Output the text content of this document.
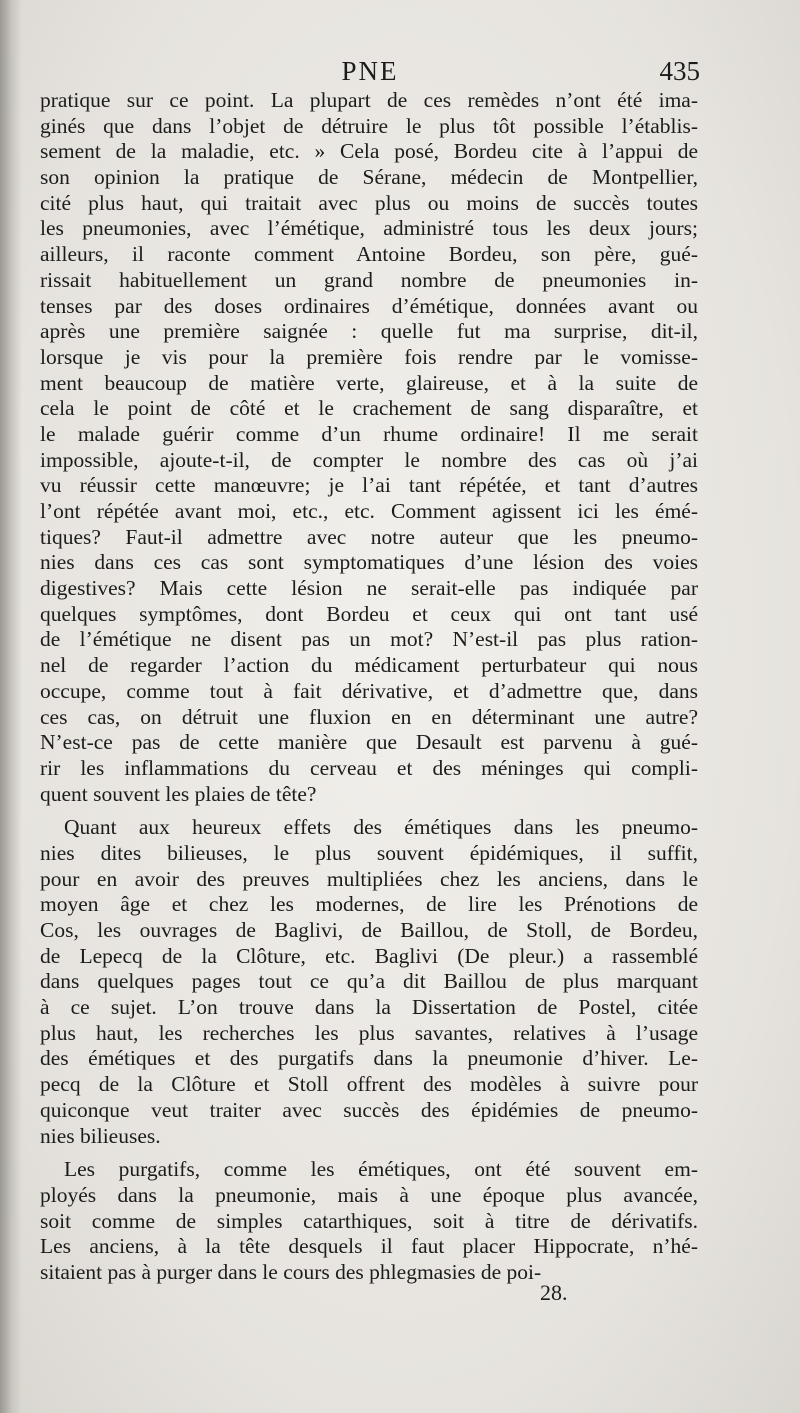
PNE	435
pratique sur ce point. La plupart de ces remèdes n’ont été ima-
ginés que dans l’objet de détruire le plus tôt possible l’établis-
sement de la maladie, etc. » Cela posé, Bordeu cite à l’appui de
son opinion la pratique de Sérane, médecin de Montpellier,
cité plus haut, qui traitait avec plus ou moins de succès toutes
les pneumonies, avec l’émétique, administré tous les deux jours;
ailleurs, il raconte comment Antoine Bordeu, son père, gué-
rissait habituellement un grand nombre de pneumonies in-
tenses par des doses ordinaires d’émétique, données avant ou
après une première saignée : quelle fut ma surprise, dit-il,
lorsque je vis pour la première fois rendre par le vomisse-
ment beaucoup de matière verte, glaireuse, et à la suite de
cela le point de côté et le crachement de sang disparaître, et
le malade guérir comme d’un rhume ordinaire! Il me serait
impossible, ajoute-t-il, de compter le nombre des cas où j’ai
vu réussir cette manœuvre; je l’ai tant répétée, et tant d’autres
l’ont répétée avant moi, etc., etc. Comment agissent ici les émé-
tiques? Faut-il admettre avec notre auteur que les pneumo-
nies dans ces cas sont symptomatiques d’une lésion des voies
digestives? Mais cette lésion ne serait-elle pas indiquée par
quelques symptômes, dont Bordeu et ceux qui ont tant usé
de l’émétique ne disent pas un mot? N’est-il pas plus ration-
nel de regarder l’action du médicament perturbateur qui nous
occupe, comme tout à fait dérivative, et d’admettre que, dans
ces cas, on détruit une fluxion en en déterminant une autre?
N’est-ce pas de cette manière que Desault est parvenu à gué-
rir les inflammations du cerveau et des méninges qui compli-
quent souvent les plaies de tête?
Quant aux heureux effets des émétiques dans les pneumo-
nies dites bilieuses, le plus souvent épidémiques, il suffit,
pour en avoir des preuves multipliées chez les anciens, dans le
moyen âge et chez les modernes, de lire les Prénotions de
Cos, les ouvrages de Baglivi, de Baillou, de Stoll, de Bordeu,
de Lepecq de la Clôture, etc. Baglivi (De pleur.) a rassemblé
dans quelques pages tout ce qu’a dit Baillou de plus marquant
à ce sujet. L’on trouve dans la Dissertation de Postel, citée
plus haut, les recherches les plus savantes, relatives à l’usage
des émétiques et des purgatifs dans la pneumonie d’hiver. Le-
pecq de la Clôture et Stoll offrent des modèles à suivre pour
quiconque veut traiter avec succès des épidémies de pneumo-
nies bilieuses.
Les purgatifs, comme les émétiques, ont été souvent em-
ployés dans la pneumonie, mais à une époque plus avancée,
soit comme de simples catarthiques, soit à titre de dérivatifs.
Les anciens, à la tête desquels il faut placer Hippocrate, n’hé-
sitaient pas à purger dans le cours des phlegmasies de poi-
28.
